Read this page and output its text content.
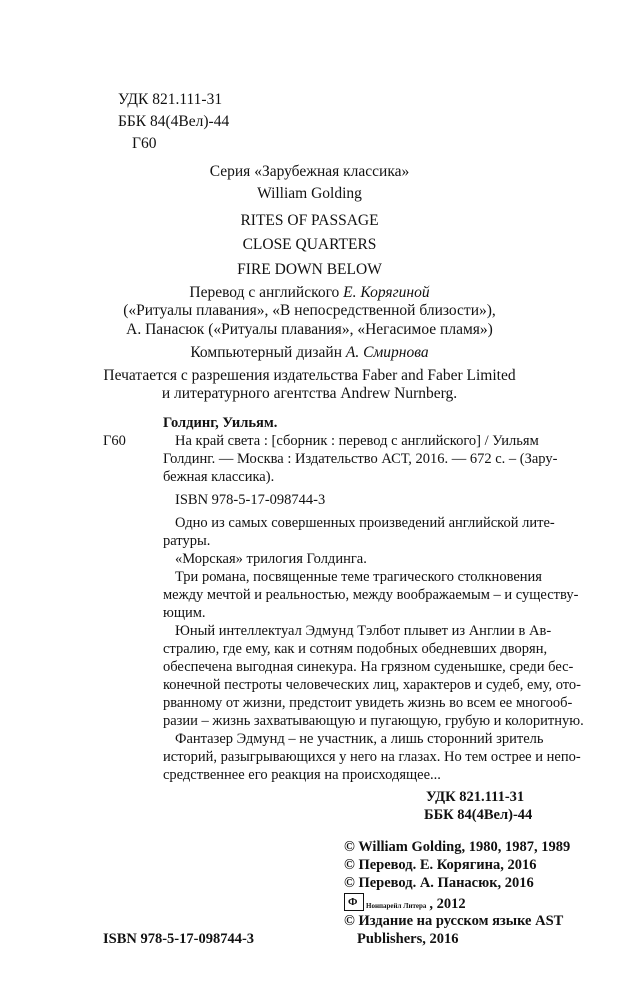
УДК 821.111-31
ББК 84(4Вел)-44
Г60
Серия «Зарубежная классика»
William Golding
RITES OF PASSAGE
CLOSE QUARTERS
FIRE DOWN BELOW
Перевод с английского Е. Корягиной
(«Ритуалы плавания», «В непосредственной близости»),
А. Панасюк («Ритуалы плавания», «Негасимое пламя»)
Компьютерный дизайн А. Смирнова
Печатается с разрешения издательства Faber and Faber Limited
и литературного агентства Andrew Nurnberg.
Голдинг, Уильям.
Г60	На край света : [сборник : перевод с английского] / Уильям
Голдинг. — Москва : Издательство АСТ, 2016. — 672 с. – (Зару-
бежная классика).
ISBN 978-5-17-098744-3
Одно из самых совершенных произведений английской лите-
ратуры.
«Морская» трилогия Голдинга.
Три романа, посвященные теме трагического столкновения
между мечтой и реальностью, между воображаемым – и существу-
ющим.
Юный интеллектуал Эдмунд Тэлбот плывет из Англии в Ав-
стралию, где ему, как и сотням подобных обедневших дворян,
обеспечена выгодная синекура. На грязном суденышке, среди бес-
конечной пестроты человеческих лиц, характеров и судеб, ему, ото-
рванному от жизни, предстоит увидеть жизнь во всем ее многооб-
разии – жизнь захватывающую и пугающую, грубую и колоритную.
Фантазер Эдмунд – не участник, а лишь сторонний зритель
историй, разыгрывающихся у него на глазах. Но тем острее и непо-
средственнее его реакция на происходящее...
УДК 821.111-31
ББК 84(4Вел)-44
© William Golding, 1980, 1987, 1989
© Перевод. Е. Корягина, 2016
© Перевод. А. Панасюк, 2016
Ф Нонпарейл Литера , 2012
© Издание на русском языке AST
Publishers, 2016
ISBN 978-5-17-098744-3
